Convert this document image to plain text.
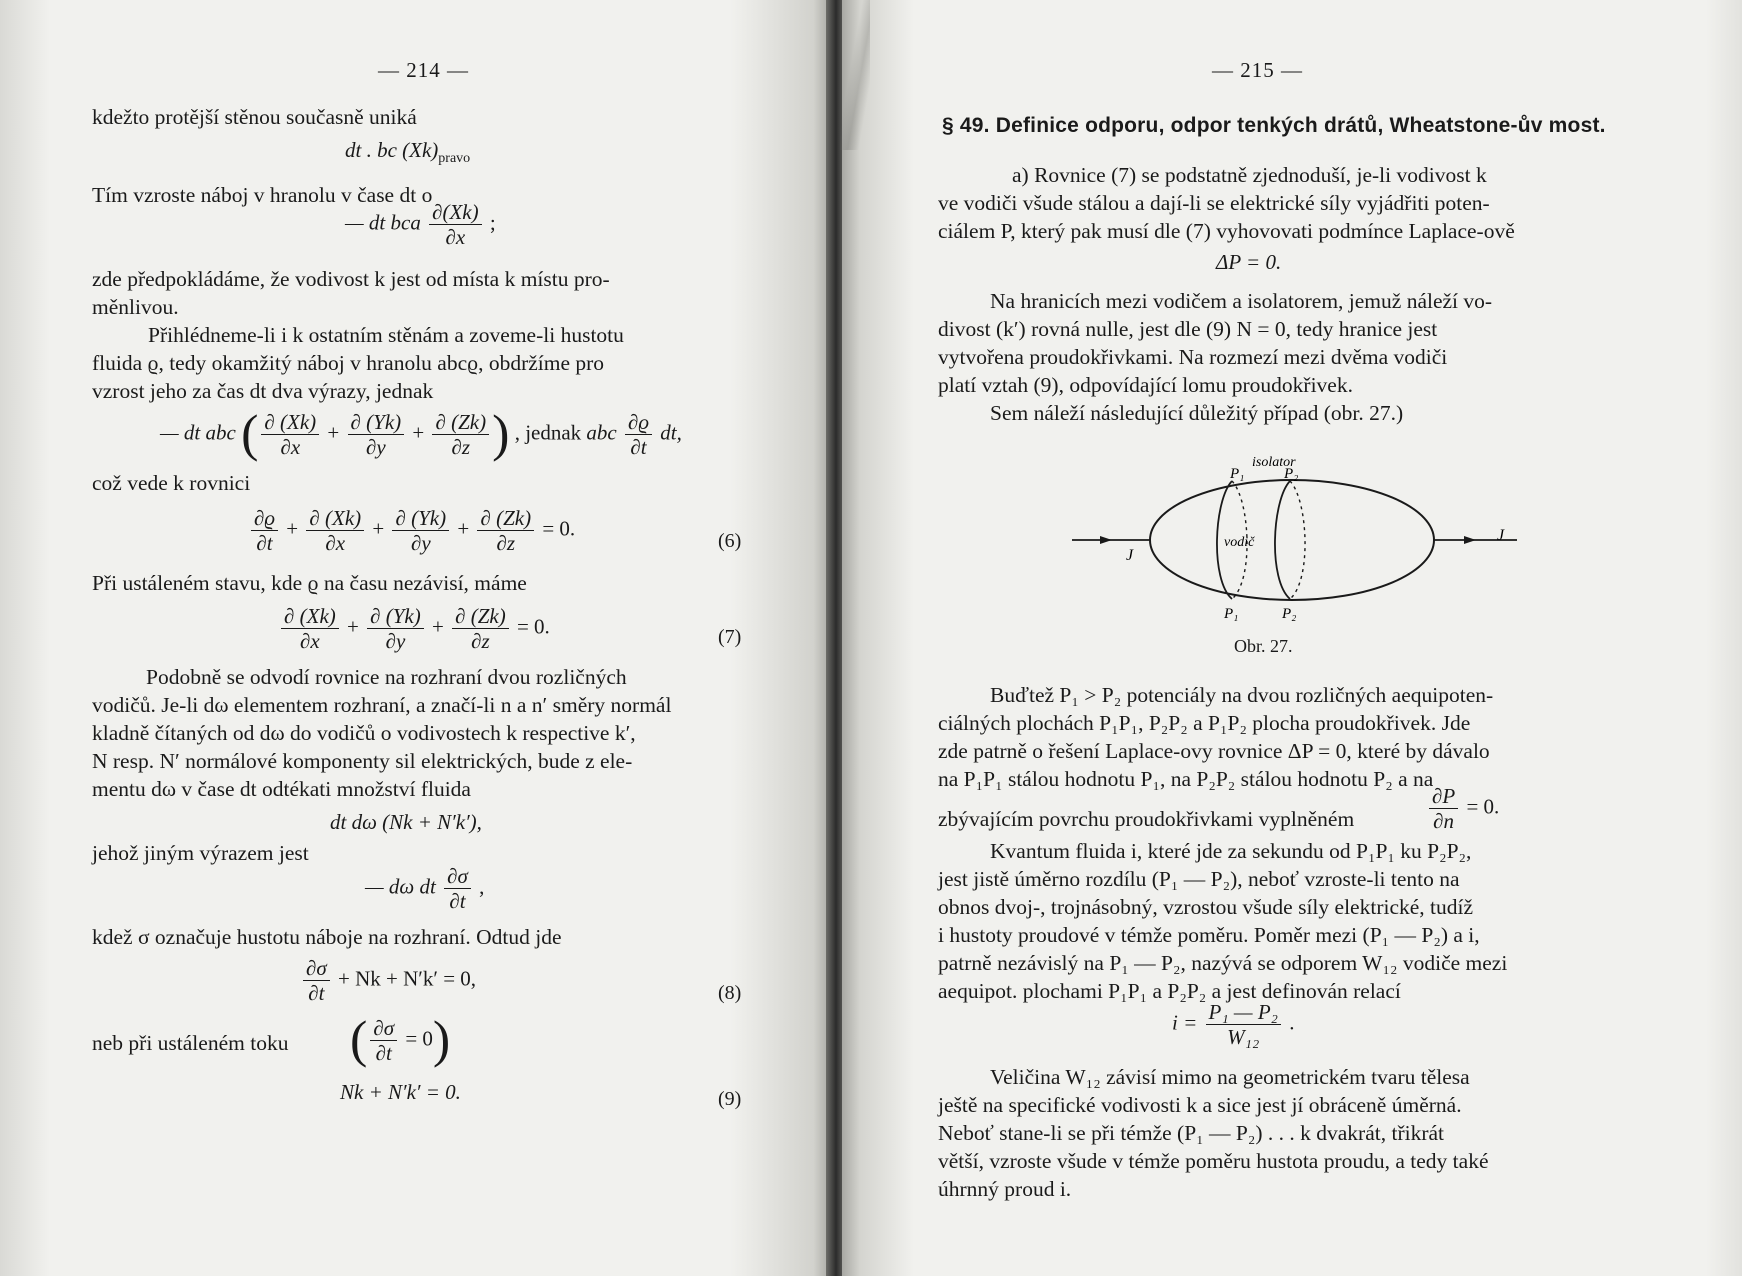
— 214 —
kdežto protější stěnou současně uniká
dt . bc $(Xk)_{pravo}$
Tím vzroste náboj v hranolu v čase dt o
— dt bca $\frac{\partial(Xk)}{\partial x}$ ;
zde předpokládáme, že vodivost k jest od místa k místu pro-
měnlivou.
Přihlédneme-li i k ostatním stěnám a zoveme-li hustotu
fluida ϱ, tedy okamžitý náboj v hranolu abcϱ, obdržíme pro
vzrost jeho za čas dt dva výrazy, jednak
— dt abc ( $\frac{\partial (Xk)}{\partial x} + \frac{\partial (Yk)}{\partial y} + \frac{\partial (Zk)}{\partial z}$ ) , jednak abc $\frac{\partial ϱ}{\partial t}$ dt,
což vede k rovnici
$\frac{\partial ϱ}{\partial t} + \frac{\partial (Xk)}{\partial x} + \frac{\partial (Yk)}{\partial y} + \frac{\partial (Zk)}{\partial z} = 0$.
(6)
Při ustáleném stavu, kde ϱ na času nezávisí, máme
$\frac{\partial (Xk)}{\partial x} + \frac{\partial (Yk)}{\partial y} + \frac{\partial (Zk)}{\partial z} = 0$.	(7)
Podobně se odvodí rovnice na rozhraní dvou rozličných
vodičů. Je-li dω elementem rozhraní, a značí-li n a n′ směry normál
kladně čítaných od dω do vodičů o vodivostech k respective k′,
N resp. N′ normálové komponenty sil elektrických, bude z ele-
mentu dω v čase dt odtékati množství fluida
dt dω (Nk + N′k′),
jehož jiným výrazem jest
— dω dt $\frac{\partial\sigma}{\partial t}$ ,
kdež σ označuje hustotu náboje na rozhraní. Odtud jde
$\frac{\partial\sigma}{\partial t} + Nk + N'k' = 0$,
(8)
neb při ustáleném toku ( $\frac{\partial\sigma}{\partial t} = 0$)
Nk + N′k′ = 0.	(9)
— 215 —
§ 49. Definice odporu, odpor tenkých drátů, Wheatstone-ův most.
a) Rovnice (7) se podstatně zjednoduší, je-li vodivost k
ve vodiči všude stálou a dají-li se elektrické síly vyjádřiti poten-
ciálem P, který pak musí dle (7) vyhovovati podmínce Laplace-ově
ΔP = 0.
Na hranicích mezi vodičem a isolatorem, jemuž náleží vo-
divost (k′) rovná nulle, jest dle (9) N = 0, tedy hranice jest
vytvořena proudokřivkami. Na rozmezí mezi dvěma vodiči
platí vztah (9), odpovídající lomu proudokřivek.
Sem náleží následující důležitý případ (obr. 27.)
isolator
P₁	P₂
vodič
P₁	P₂
J
J
Obr. 27.
Buďtež P₁ > P₂ potenciály na dvou rozličných aequipoten-
ciálných plochách P₁P₁, P₂P₂ a P₁P₂ plocha proudokřivek. Jde
zde patrně o řešení Laplace-ovy rovnice ΔP = 0, které by dávalo
na P₁P₁ stálou hodnotu P₁, na P₂P₂ stálou hodnotu P₂ a na
zbývajícím povrchu proudokřivkami vyplněném	$\frac{\partial P}{\partial n} = 0$.
Kvantum fluida i, které jde za sekundu od P₁P₁ ku P₂P₂,
jest jistě úměrno rozdílu (P₁ — P₂), neboť vzroste-li tento na
obnos dvoj-, trojnásobný, vzrostou všude síly elektrické, tudíž
i hustoty proudové v témže poměru. Poměr mezi (P₁ — P₂) a i,
patrně nezávislý na P₁ — P₂, nazývá se odporem W₁₂ vodiče mezi
aequipot. plochami P₁P₁ a P₂P₂ a jest definován relací
$i = \frac{\text{P₁ — P₂}}{\text{W₁₂}}$ .
Veličina W₁₂ závisí mimo na geometrickém tvaru tělesa
ještě na specifické vodivosti k a sice jest jí obráceně úměrná.
Neboť stane-li se při témže (P₁ — P₂) . . . k dvakrát, třikrát
větší, vzroste všude v témže poměru hustota proudu, a tedy také
úhrnný proud i.
